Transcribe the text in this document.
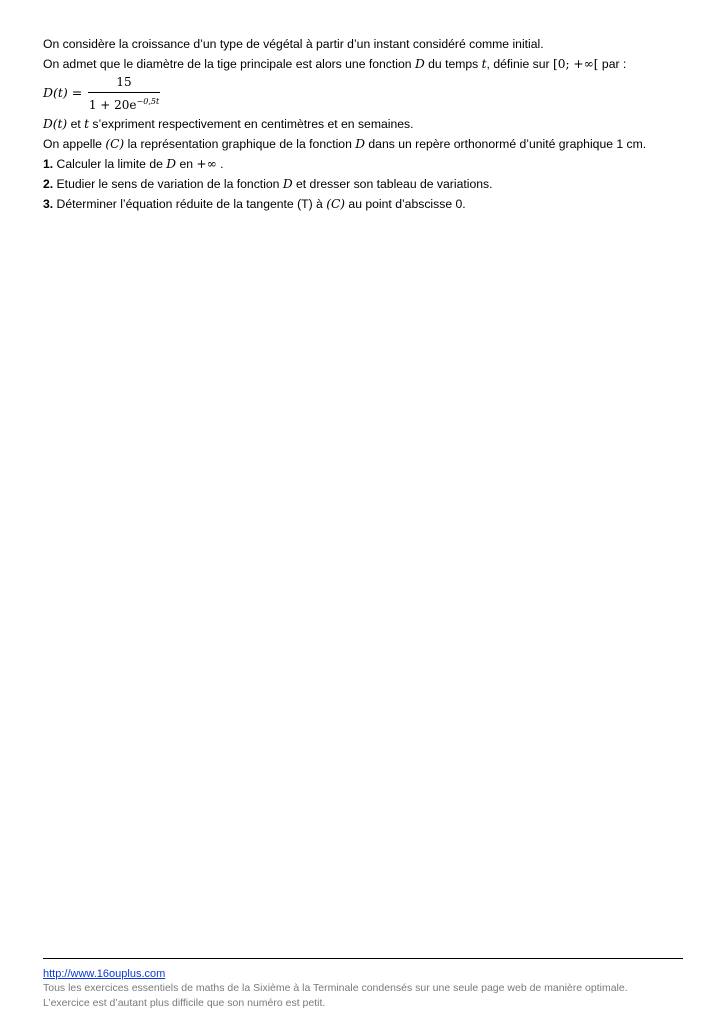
On considère la croissance d’un type de végétal à partir d’un instant considéré comme initial.
On admet que le diamètre de la tige principale est alors une fonction D du temps t, définie sur [0; +∞[ par :
D(t) =
15
$1 + 20e^{-0,5t}$
D(t) et t s’expriment respectivement en centimètres et en semaines.
On appelle (C) la représentation graphique de la fonction D dans un repère orthonormé d’unité graphique 1 cm.
1. Calculer la limite de D en +∞ .
2. Etudier le sens de variation de la fonction D et dresser son tableau de variations.
3. Déterminer l’équation réduite de la tangente (T) à (C) au point d’abscisse 0.
http://www.16ouplus.com
Tous les exercices essentiels de maths de la Sixième à la Terminale condensés sur une seule page web de manière optimale.
L’exercice est d’autant plus difficile que son numéro est petit.
